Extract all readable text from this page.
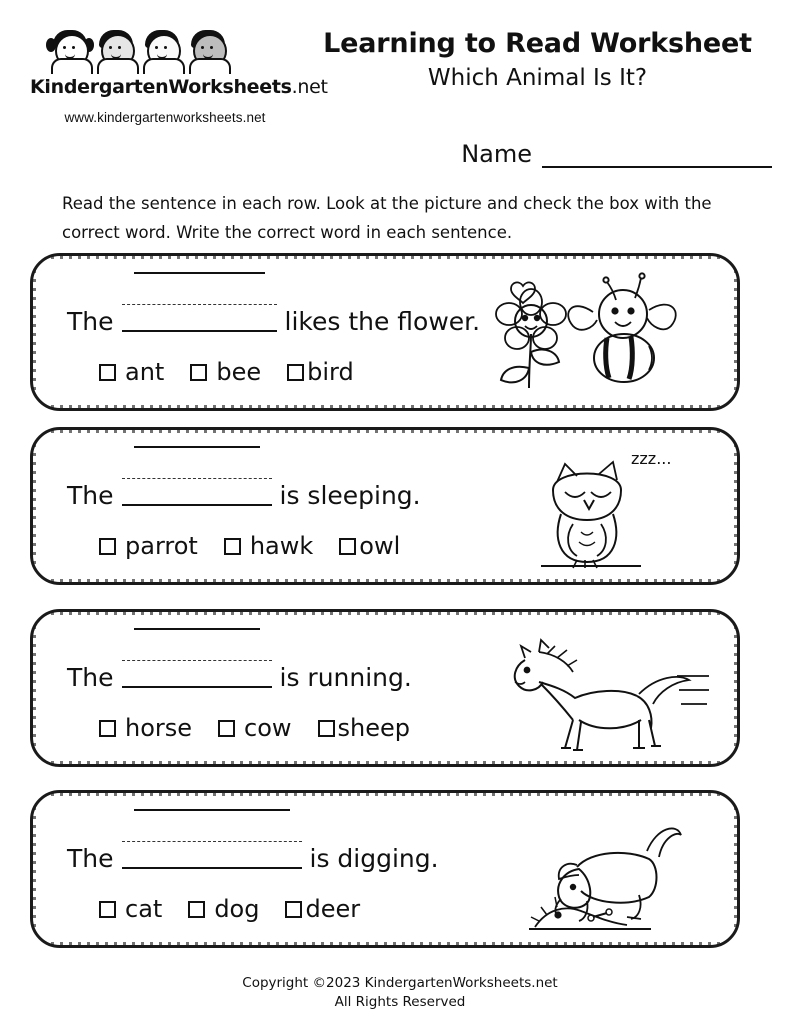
KindergartenWorksheets.net
www.kindergartenworksheets.net
Learning to Read Worksheet
Which Animal Is It?
Name
Read the sentence in each row. Look at the picture and check the box with the correct word. Write the correct word in each sentence.
The	likes the flower.
ant bee bird
The	is sleeping.
parrot hawk owl
zzz...
The	is running.
horse cow sheep
The	is digging.
cat dog deer
Copyright ©2023 KindergartenWorksheets.net
All Rights Reserved
